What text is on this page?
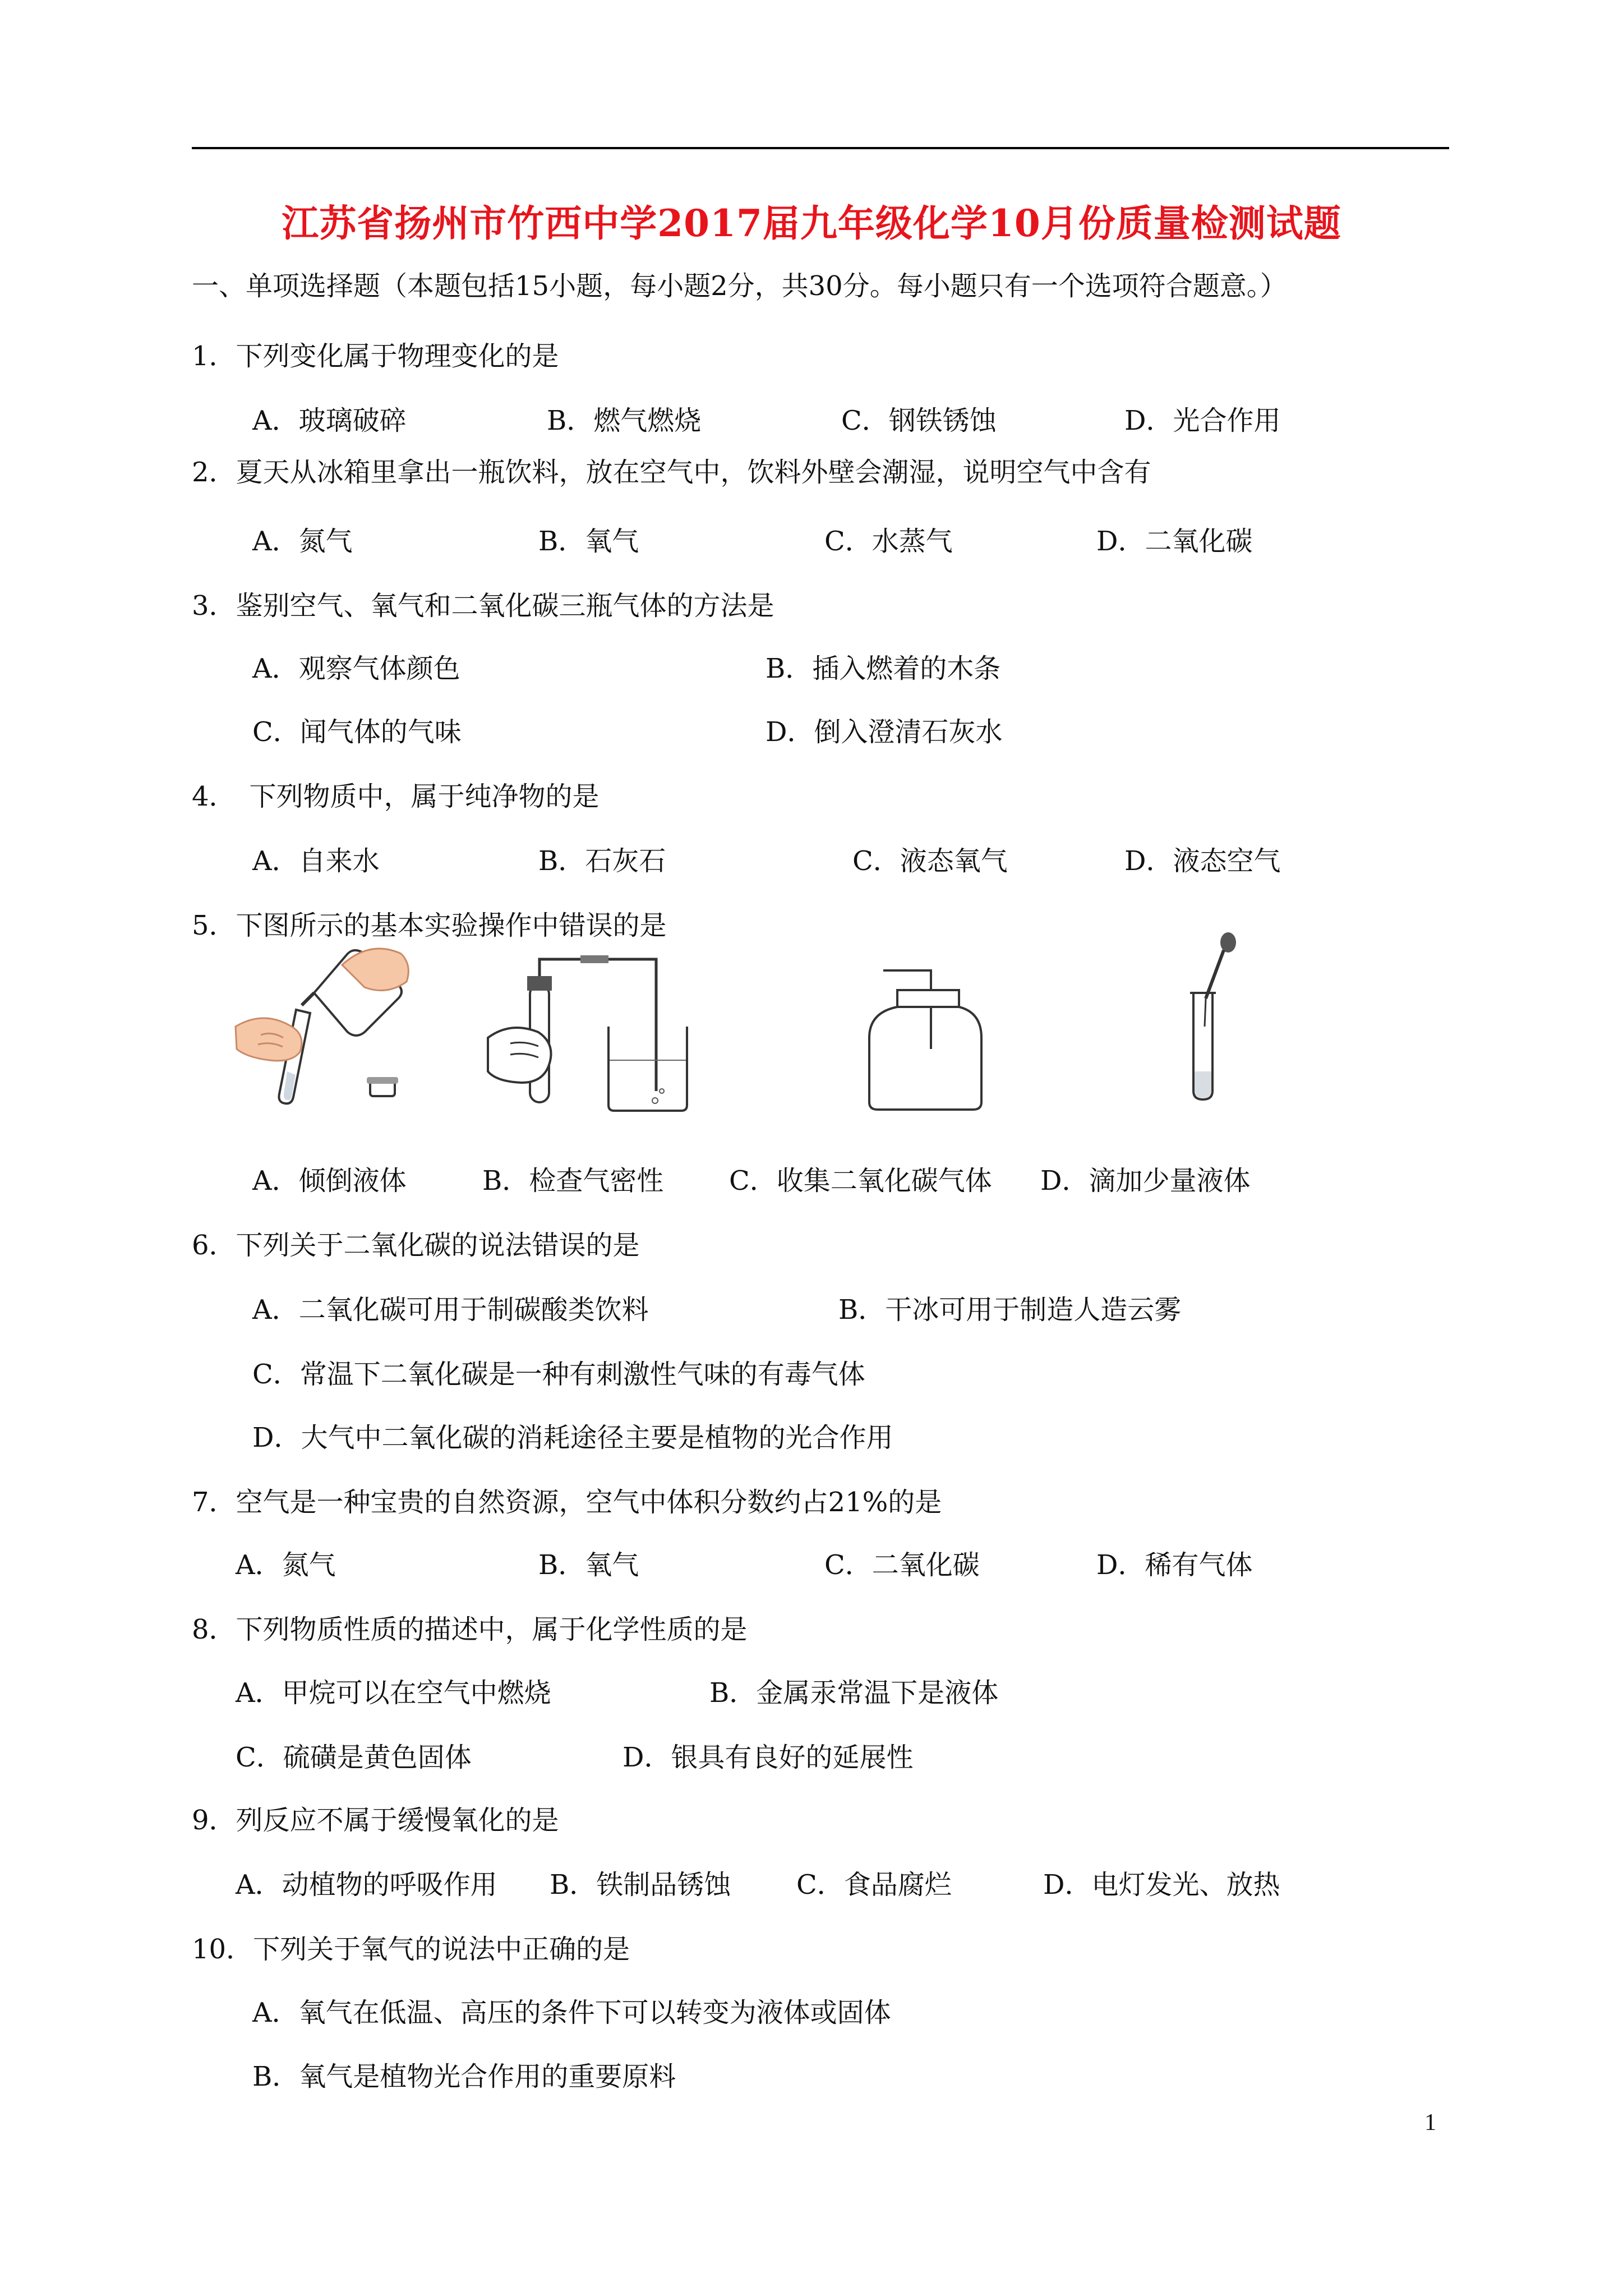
江苏省扬州市竹西中学2017届九年级化学10月份质量检测试题
一、单项选择题（本题包括15小题，每小题2分，共30分。每小题只有一个选项符合题意。）
1．下列变化属于物理变化的是
A．玻璃破碎	B．燃气燃烧	C．钢铁锈蚀	D．光合作用
2．夏天从冰箱里拿出一瓶饮料，放在空气中，饮料外壁会潮湿，说明空气中含有
A．氮气	B．氧气	C．水蒸气	D．二氧化碳
3．鉴别空气、氧气和二氧化碳三瓶气体的方法是
A．观察气体颜色	B．插入燃着的木条
C．闻气体的气味	D．倒入澄清石灰水
4．　下列物质中，属于纯净物的是
A．自来水	B．石灰石	C．液态氧气	D．液态空气
5．下图所示的基本实验操作中错误的是
A．倾倒液体	B．检查气密性 C．收集二氧化碳气体 D．滴加少量液体
6．下列关于二氧化碳的说法错误的是
A．二氧化碳可用于制碳酸类饮料	B．干冰可用于制造人造云雾
C．常温下二氧化碳是一种有刺激性气味的有毒气体
D．大气中二氧化碳的消耗途径主要是植物的光合作用
7．空气是一种宝贵的自然资源，空气中体积分数约占21%的是
A．氮气	B．氧气	C．二氧化碳	D．稀有气体
8．下列物质性质的描述中，属于化学性质的是
A．甲烷可以在空气中燃烧	B．金属汞常温下是液体
C．硫磺是黄色固体	D．银具有良好的延展性
9．列反应不属于缓慢氧化的是
A．动植物的呼吸作用 B．铁制品锈蚀 C．食品腐烂	D．电灯发光、放热
10．下列关于氧气的说法中正确的是
A．氧气在低温、高压的条件下可以转变为液体或固体
B．氧气是植物光合作用的重要原料
1
